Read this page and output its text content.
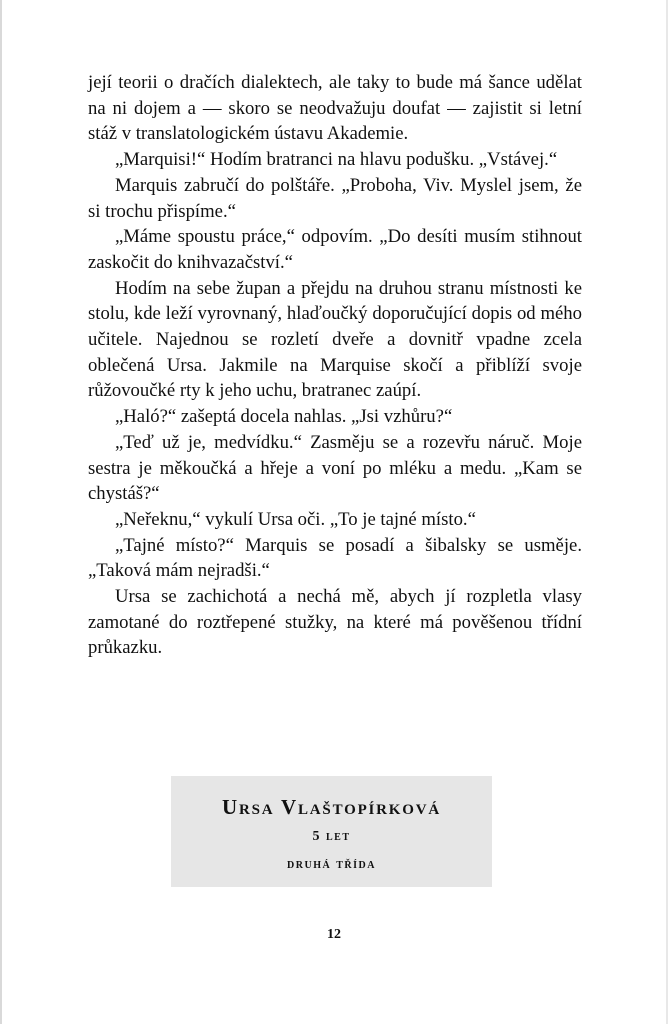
její teorii o dračích dialektech, ale taky to bude má šance udělat na ni dojem a — skoro se neodvažuju doufat — zajistit si letní stáž v translatologickém ústavu Akademie.

„Marquisi!“ Hodím bratranci na hlavu podušku. „Vstávej.“

Marquis zabručí do polštáře. „Proboha, Viv. Myslel jsem, že si trochu přispíme.“

„Máme spoustu práce,“ odpovím. „Do desíti musím stihnout zaskočit do knihvazačství.“

Hodím na sebe župan a přejdu na druhou stranu místnosti ke stolu, kde leží vyrovnaný, hlaďoučký doporučující dopis od mého učitele. Najednou se rozletí dveře a dovnitř vpadne zcela oblečená Ursa. Jakmile na Marquise skočí a přiblíží svoje růžovoučké rty k jeho uchu, bratranec zaúpí.

„Haló?“ zašeptá docela nahlas. „Jsi vzhůru?“

„Teď už je, medvídku.“ Zasměju se a rozevřu náruč. Moje sestra je měkoučká a hřeje a voní po mléku a medu. „Kam se chystáš?“

„Neřeknu,“ vykulí Ursa oči. „To je tajné místo.“

„Tajné místo?“ Marquis se posadí a šibalsky se usměje. „Taková mám nejradši.“

Ursa se zachichotá a nechá mě, abych jí rozpletla vlasy zamotané do roztřepené stužky, na které má pověšenou třídní průkazku.

Ursa Vlaštopírková
5 let
druhá třída
12
